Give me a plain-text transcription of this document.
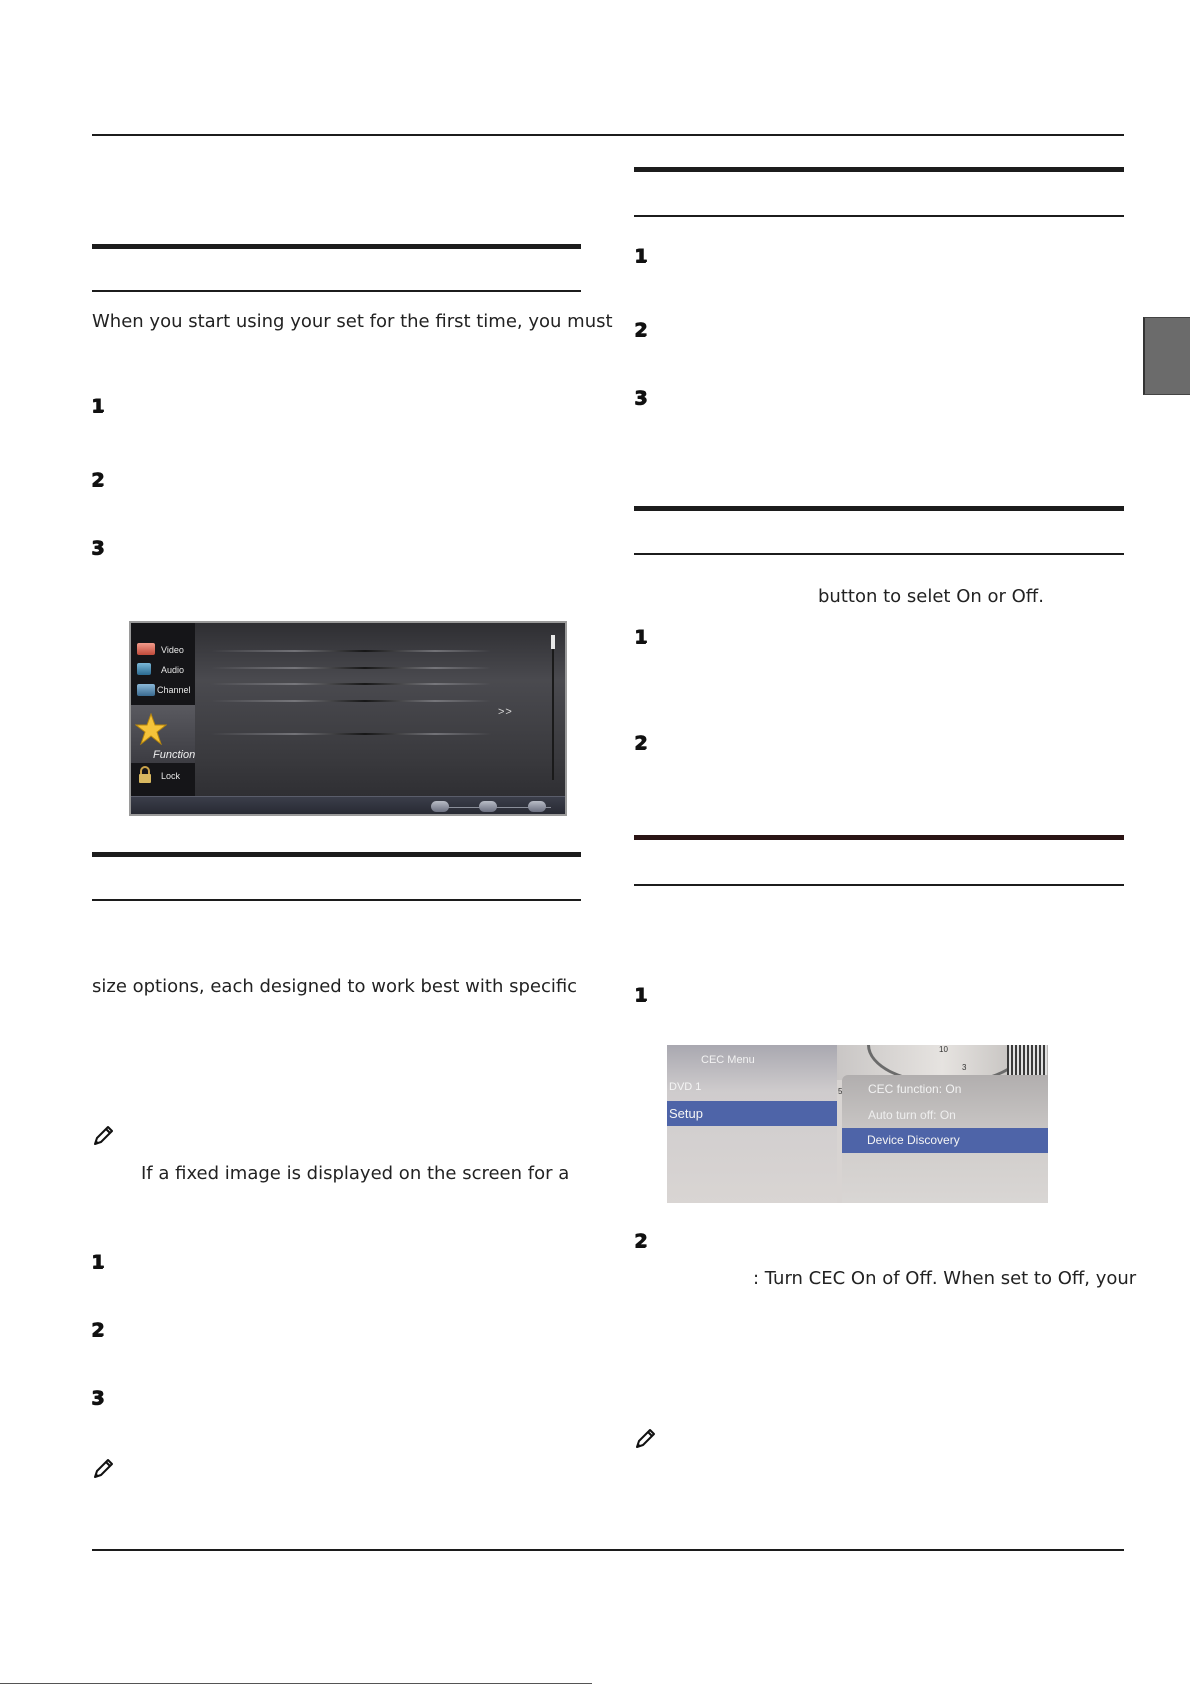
When you start using your set for the first time, you must
1
2
3
Video
Audio
Channel
Function
Lock
>>
size options, each designed to work best with specific
If a fixed image is displayed on the screen for a
1
2
3
1
2
3
button to selet On or Off.
1
2
1
10
5
3
CEC Menu
DVD 1
Setup
CEC function: On
Auto turn off: On
Device Discovery
2
: Turn CEC On of Off. When set to Off, your
